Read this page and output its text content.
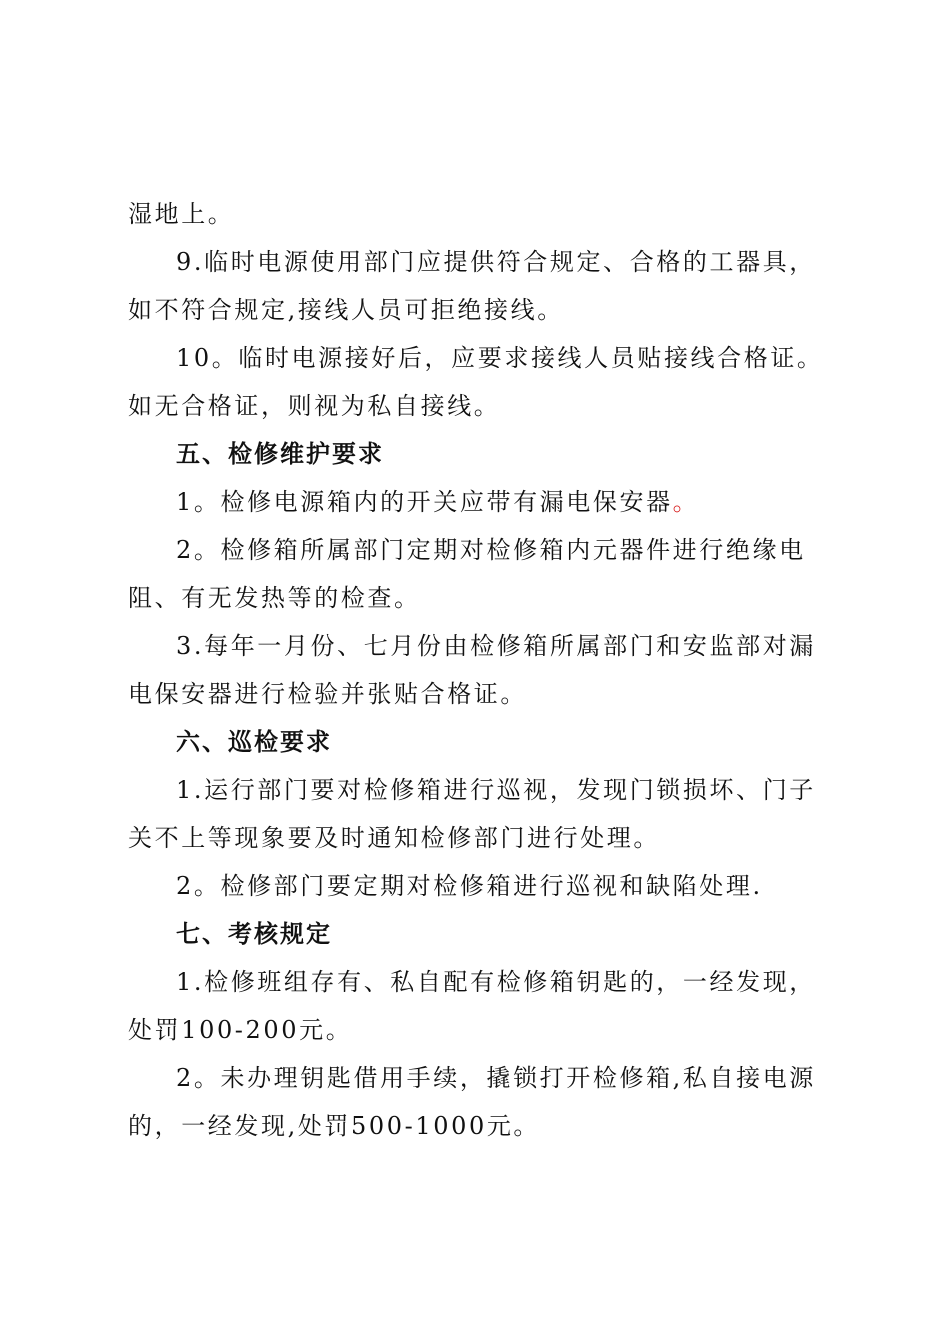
湿地上。

9.临时电源使用部门应提供符合规定、合格的工器具，如不符合规定,接线人员可拒绝接线。

10。临时电源接好后，应要求接线人员贴接线合格证。如无合格证，则视为私自接线。

五、检修维护要求

1。检修电源箱内的开关应带有漏电保安器。

2。检修箱所属部门定期对检修箱内元器件进行绝缘电阻、有无发热等的检查。

3.每年一月份、七月份由检修箱所属部门和安监部对漏电保安器进行检验并张贴合格证。

六、巡检要求

1.运行部门要对检修箱进行巡视，发现门锁损坏、门子关不上等现象要及时通知检修部门进行处理。

2。检修部门要定期对检修箱进行巡视和缺陷处理.

七、考核规定

1.检修班组存有、私自配有检修箱钥匙的，一经发现，处罚100-200元。

2。未办理钥匙借用手续，撬锁打开检修箱,私自接电源的，一经发现,处罚500-1000元。
